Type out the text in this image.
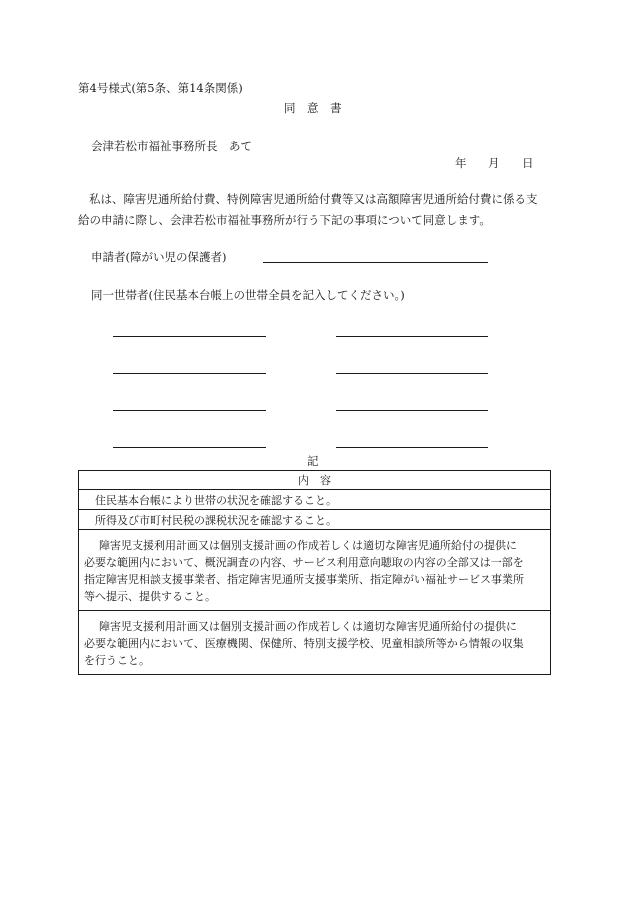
第4号様式(第5条、第14条関係)
同　意　書
会津若松市福祉事務所長　あて
年 月 日
私は、障害児通所給付費、特例障害児通所給付費等又は高額障害児通所給付費に係る支
給の申請に際し、会津若松市福祉事務所が行う下記の事項について同意します。
申請者(障がい児の保護者)
同一世帯者(住民基本台帳上の世帯全員を記入してください。)
記
内　容
住民基本台帳により世帯の状況を確認すること。
所得及び市町村民税の課税状況を確認すること。

障害児支援利用計画又は個別支援計画の作成若しくは適切な障害児通所給付の提供に
必要な範囲内において、概況調査の内容、サービス利用意向聴取の内容の全部又は一部を
指定障害児相談支援事業者、指定障害児通所支援事業所、指定障がい福祉サービス事業所
等へ提示、提供すること。

障害児支援利用計画又は個別支援計画の作成若しくは適切な障害児通所給付の提供に
必要な範囲内において、医療機関、保健所、特別支援学校、児童相談所等から情報の収集
を行うこと。
